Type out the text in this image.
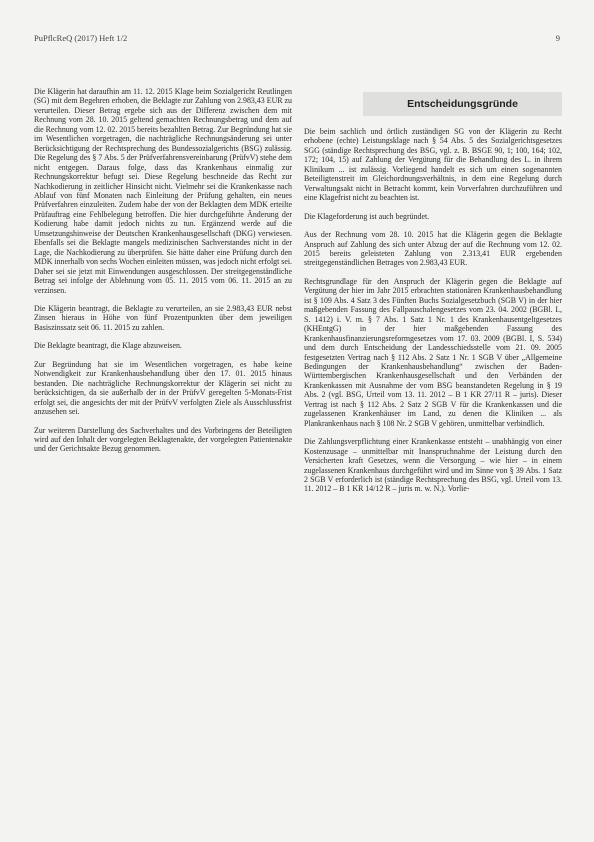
PuPflcReQ (2017) Heft 1/2	9

Die Klägerin hat daraufhin am 11. 12. 2015 Klage beim Sozialgericht Reutlingen (SG) mit dem Begehren erhoben, die Beklagte zur Zahlung von 2.983,43 EUR zu verurteilen. Dieser Betrag ergebe sich aus der Differenz zwischen dem mit Rechnung vom 28. 10. 2015 geltend gemachten Rechnungsbetrag und dem auf die Rechnung vom 12. 02. 2015 bereits bezahlten Betrag. Zur Begründung hat sie im Wesentlichen vorgetragen, die nachträgliche Rechnungsänderung sei unter Berücksichtigung der Rechtsprechung des Bundessozialgerichts (BSG) zulässig. Die Regelung des § 7 Abs. 5 der Prüfverfahrensvereinbarung (PrüfvV) stehe dem nicht entgegen. Daraus folge, dass das Krankenhaus einmalig zur Rechnungskorrektur befugt sei. Diese Regelung beschneide das Recht zur Nachkodierung in zeitlicher Hinsicht nicht. Vielmehr sei die Krankenkasse nach Ablauf von fünf Monaten nach Einleitung der Prüfung gehalten, ein neues Prüfverfahren einzuleiten. Zudem habe der von der Beklagten dem MDK erteilte Prüfauftrag eine Fehlbelegung betroffen. Die hier durchgeführte Änderung der Kodierung habe damit jedoch nichts zu tun. Ergänzend werde auf die Umsetzungshinweise der Deutschen Krankenhausgesellschaft (DKG) verwiesen. Ebenfalls sei die Beklagte mangels medizinischen Sachverstandes nicht in der Lage, die Nachkodierung zu überprüfen. Sie hätte daher eine Prüfung durch den MDK innerhalb von sechs Wochen einleiten müssen, was jedoch nicht erfolgt sei. Daher sei sie jetzt mit Einwendungen ausgeschlossen. Der streitgegenständliche Betrag sei infolge der Ablehnung vom 05. 11. 2015 vom 06. 11. 2015 an zu verzinsen.

Die Klägerin beantragt, die Beklagte zu verurteilen, an sie 2.983,43 EUR nebst Zinsen hieraus in Höhe von fünf Prozentpunkten über dem jeweiligen Basiszinssatz seit 06. 11. 2015 zu zahlen.

Die Beklagte beantragt, die Klage abzuweisen.

Zur Begründung hat sie im Wesentlichen vorgetragen, es habe keine Notwendigkeit zur Krankenhausbehandlung über den 17. 01. 2015 hinaus bestanden. Die nachträgliche Rechnungskorrektur der Klägerin sei nicht zu berücksichtigen, da sie außerhalb der in der PrüfvV geregelten 5-Monats-Frist erfolgt sei, die angesichts der mit der PrüfvV verfolgten Ziele als Ausschlussfrist anzusehen sei.

Zur weiteren Darstellung des Sachverhaltes und des Vorbringens der Beteiligten wird auf den Inhalt der vorgelegten Beklagtenakte, der vorgelegten Patientenakte und der Gerichtsakte Bezug genommen.

Entscheidungsgründe

Die beim sachlich und örtlich zuständigen SG von der Klägerin zu Recht erhobene (echte) Leistungsklage nach § 54 Abs. 5 des Sozialgerichtsgesetzes SGG (ständige Rechtsprechung des BSG, vgl. z. B. BSGE 90, 1; 100, 164; 102, 172; 104, 15) auf Zahlung der Vergütung für die Behandlung des L. in ihrem Klinikum ... ist zulässig. Vorliegend handelt es sich um einen sogenannten Beteiligtenstreit im Gleichordnungsverhältnis, in dem eine Regelung durch Verwaltungsakt nicht in Betracht kommt, kein Vorverfahren durchzuführen und eine Klagefrist nicht zu beachten ist.

Die Klageforderung ist auch begründet.

Aus der Rechnung vom 28. 10. 2015 hat die Klägerin gegen die Beklagte Anspruch auf Zahlung des sich unter Abzug der auf die Rechnung vom 12. 02. 2015 bereits geleisteten Zahlung von 2.313,41 EUR ergebenden streitgegenständlichen Betrages von 2.983,43 EUR.

Rechtsgrundlage für den Anspruch der Klägerin gegen die Beklagte auf Vergütung der hier im Jahr 2015 erbrachten stationären Krankenhausbehandlung ist § 109 Abs. 4 Satz 3 des Fünften Buchs Sozialgesetzbuch (SGB V) in der hier maßgebenden Fassung des Fallpauschalengesetzes vom 23. 04. 2002 (BGBl. I., S. 1412) i. V. m. § 7 Abs. 1 Satz 1 Nr. 1 des Krankenhausentgeltgesetzes (KHEntgG) in der hier maßgebenden Fassung des Krankenhausfinanzierungsreformgesetzes vom 17. 03. 2009 (BGBl. I, S. 534) und dem durch Entscheidung der Landesschiedsstelle vom 21. 09. 2005 festgesetzten Vertrag nach § 112 Abs. 2 Satz 1 Nr. 1 SGB V über „Allgemeine Bedingungen der Krankenhausbehandlung“ zwischen der Baden-Württembergischen Krankenhausgesellschaft und den Verbänden der Krankenkassen mit Ausnahme der vom BSG beanstandeten Regelung in § 19 Abs. 2 (vgl. BSG, Urteil vom 13. 11. 2012 – B 1 KR 27/11 R – juris). Dieser Vertrag ist nach § 112 Abs. 2 Satz 2 SGB V für die Krankenkassen und die zugelassenen Krankenhäuser im Land, zu denen die Kliniken ... als Plankrankenhaus nach § 108 Nr. 2 SGB V gehören, unmittelbar verbindlich.

Die Zahlungsverpflichtung einer Krankenkasse entsteht – unabhängig von einer Kostenzusage – unmittelbar mit Inanspruchnahme der Leistung durch den Versicherten kraft Gesetzes, wenn die Versorgung – wie hier – in einem zugelassenen Krankenhaus durchgeführt wird und im Sinne von § 39 Abs. 1 Satz 2 SGB V erforderlich ist (ständige Rechtsprechung des BSG, vgl. Urteil vom 13. 11. 2012 – B 1 KR 14/12 R – juris m. w. N.). Vorlie-
